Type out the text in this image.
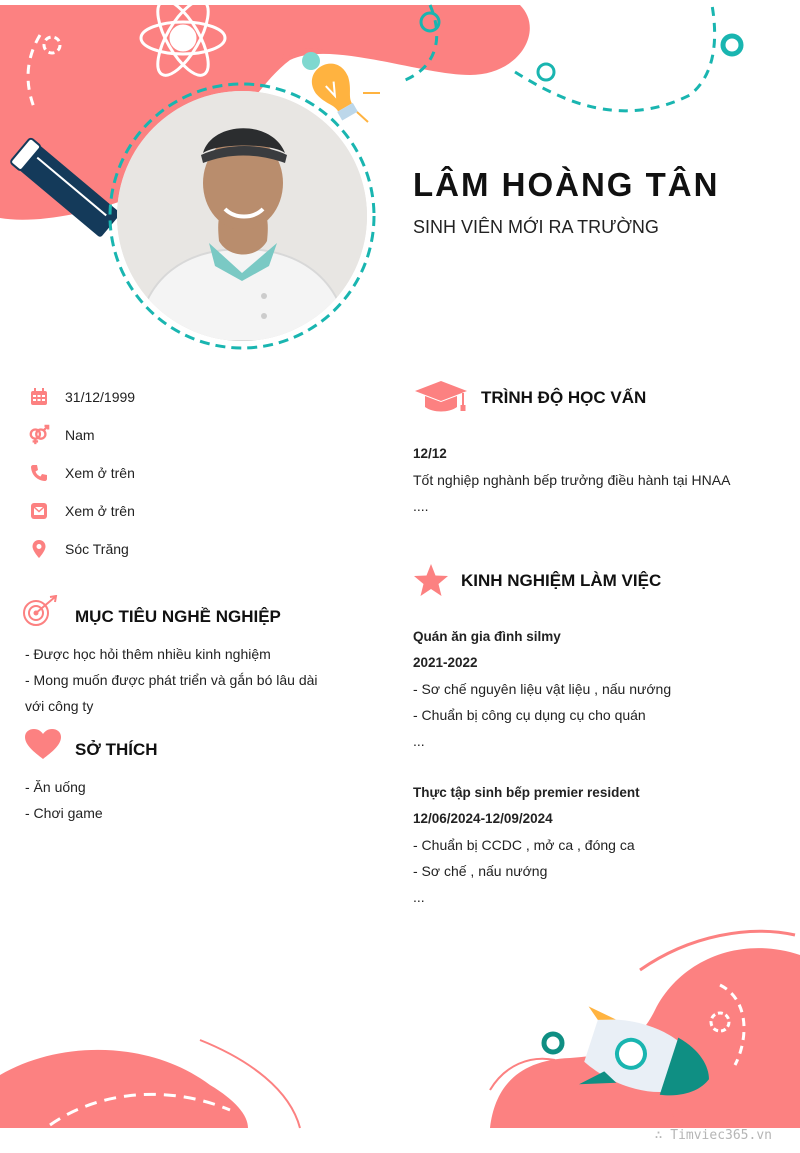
LÂM HOÀNG TÂN
SINH VIÊN MỚI RA TRƯỜNG
31/12/1999
Nam
Xem ở trên
Xem ở trên
Sóc Trăng
MỤC TIÊU NGHỀ NGHIỆP
- Được học hỏi thêm nhiều kinh nghiệm
- Mong muốn được phát triển và gắn bó lâu dài
với công ty
SỞ THÍCH
- Ăn uống
- Chơi game
TRÌNH ĐỘ HỌC VẤN
12/12
Tốt nghiệp nghành bếp trưởng điều hành tại HNAA
....
KINH NGHIỆM LÀM VIỆC
Quán ăn gia đình silmy
2021-2022
- Sơ chế nguyên liệu vật liệu , nấu nướng
- Chuẩn bị công cụ dụng cụ cho quán
...
Thực tập sinh bếp premier resident
12/06/2024-12/09/2024
- Chuẩn bị CCDC , mở ca , đóng ca
- Sơ chế , nấu nướng
...
∴ Timviec365.vn
